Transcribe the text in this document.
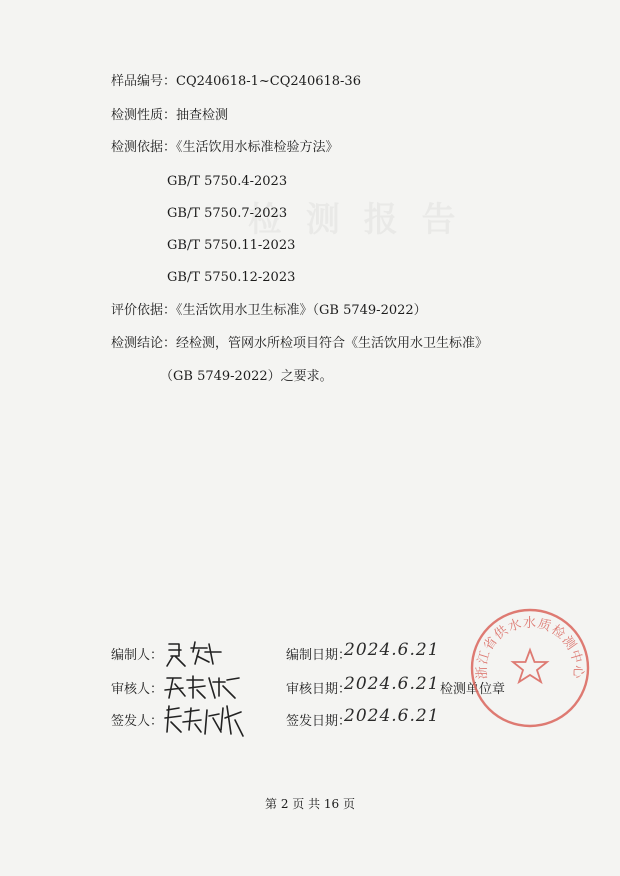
样品编号：CQ240618-1~CQ240618-36
检测性质：抽查检测
检测依据：《生活饮用水标准检验方法》
GB/T 5750.4-2023
GB/T 5750.7-2023
GB/T 5750.11-2023
GB/T 5750.12-2023
评价依据：《生活饮用水卫生标准》（GB 5749-2022）
检测结论：经检测，管网水所检项目符合《生活饮用水卫生标准》
（GB 5749-2022）之要求。
编制人：	编制日期：
2024.6.21
审核人：	审核日期：
2024.6.21 检测单位章
签发人：	签发日期：
2024.6.21
浙江省供水水质检测中心
第 2 页 共 16 页
